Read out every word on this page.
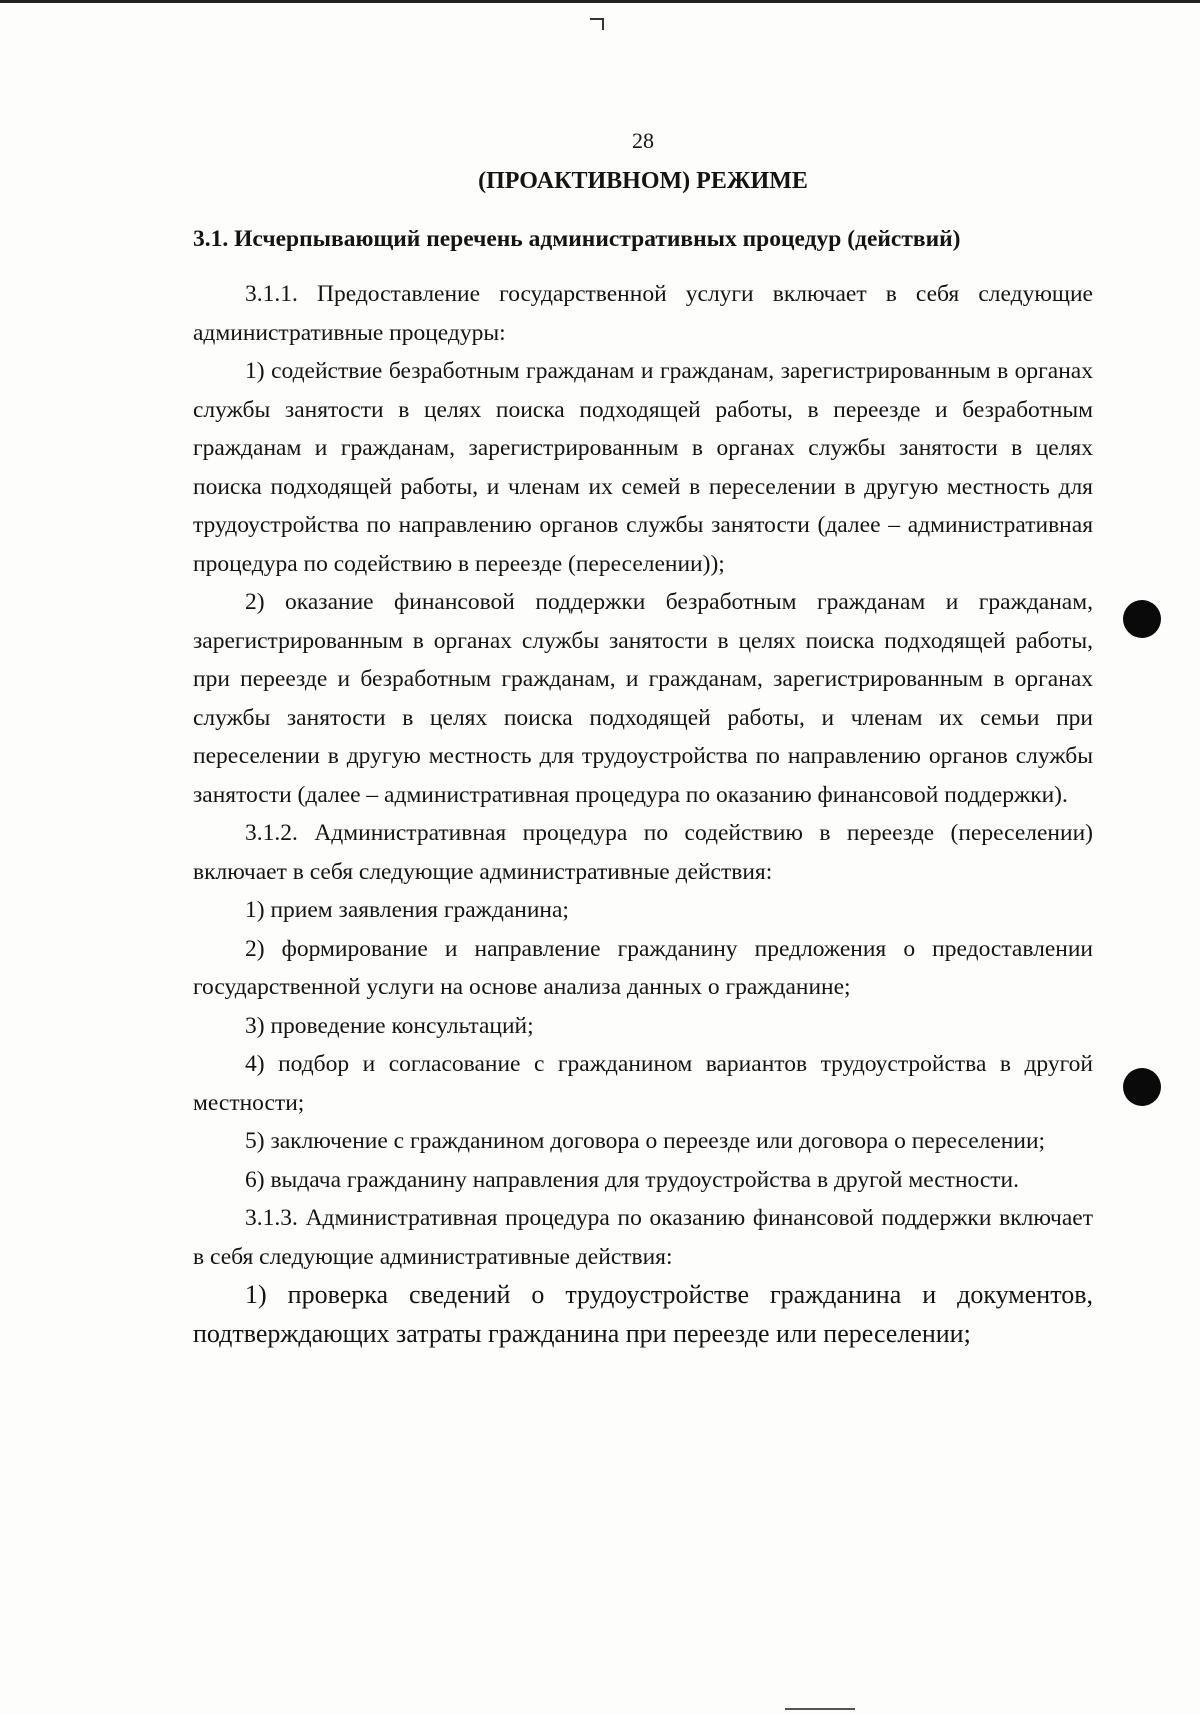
28
(ПРОАКТИВНОМ) РЕЖИМЕ
3.1. Исчерпывающий перечень административных процедур (действий)

3.1.1. Предоставление государственной услуги включает в себя следующие административные процедуры:

1) содействие безработным гражданам и гражданам, зарегистрированным в органах службы занятости в целях поиска подходящей работы, в переезде и безработным гражданам и гражданам, зарегистрированным в органах службы занятости в целях поиска подходящей работы, и членам их семей в переселении в другую местность для трудоустройства по направлению органов службы занятости (далее – административная процедура по содействию в переезде (переселении));

2) оказание финансовой поддержки безработным гражданам и гражданам, зарегистрированным в органах службы занятости в целях поиска подходящей работы, при переезде и безработным гражданам, и гражданам, зарегистрированным в органах службы занятости в целях поиска подходящей работы, и членам их семьи при переселении в другую местность для трудоустройства по направлению органов службы занятости (далее – административная процедура по оказанию финансовой поддержки).

3.1.2. Административная процедура по содействию в переезде (переселении) включает в себя следующие административные действия:

1) прием заявления гражданина;

2) формирование и направление гражданину предложения о предоставлении государственной услуги на основе анализа данных о гражданине;

3) проведение консультаций;

4) подбор и согласование с гражданином вариантов трудоустройства в другой местности;

5) заключение с гражданином договора о переезде или договора о переселении;

6) выдача гражданину направления для трудоустройства в другой местности.

3.1.3. Административная процедура по оказанию финансовой поддержки включает в себя следующие административные действия:

1) проверка сведений о трудоустройстве гражданина и документов, подтверждающих затраты гражданина при переезде или переселении;
